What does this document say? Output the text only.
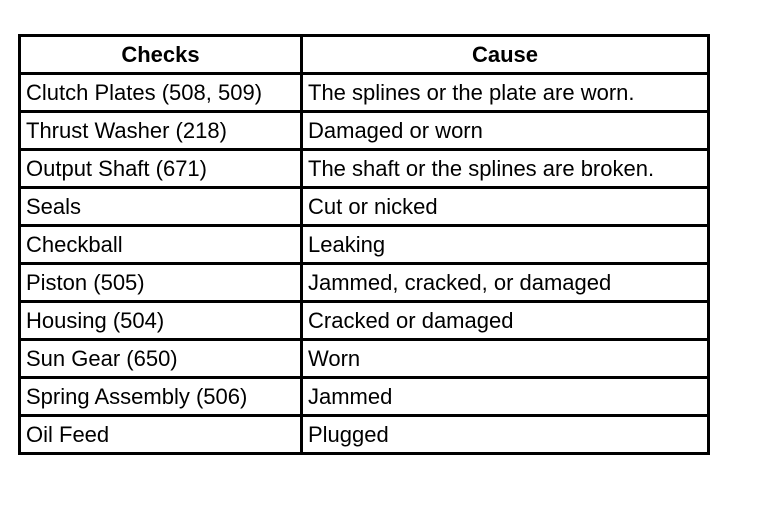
Checks	Cause
Clutch Plates (508, 509)	The splines or the plate are worn.
Thrust Washer (218)	Damaged or worn
Output Shaft (671)	The shaft or the splines are broken.
Seals	Cut or nicked
Checkball	Leaking
Piston (505)	Jammed, cracked, or damaged
Housing (504)	Cracked or damaged
Sun Gear (650)	Worn
Spring Assembly (506)	Jammed
Oil Feed	Plugged
